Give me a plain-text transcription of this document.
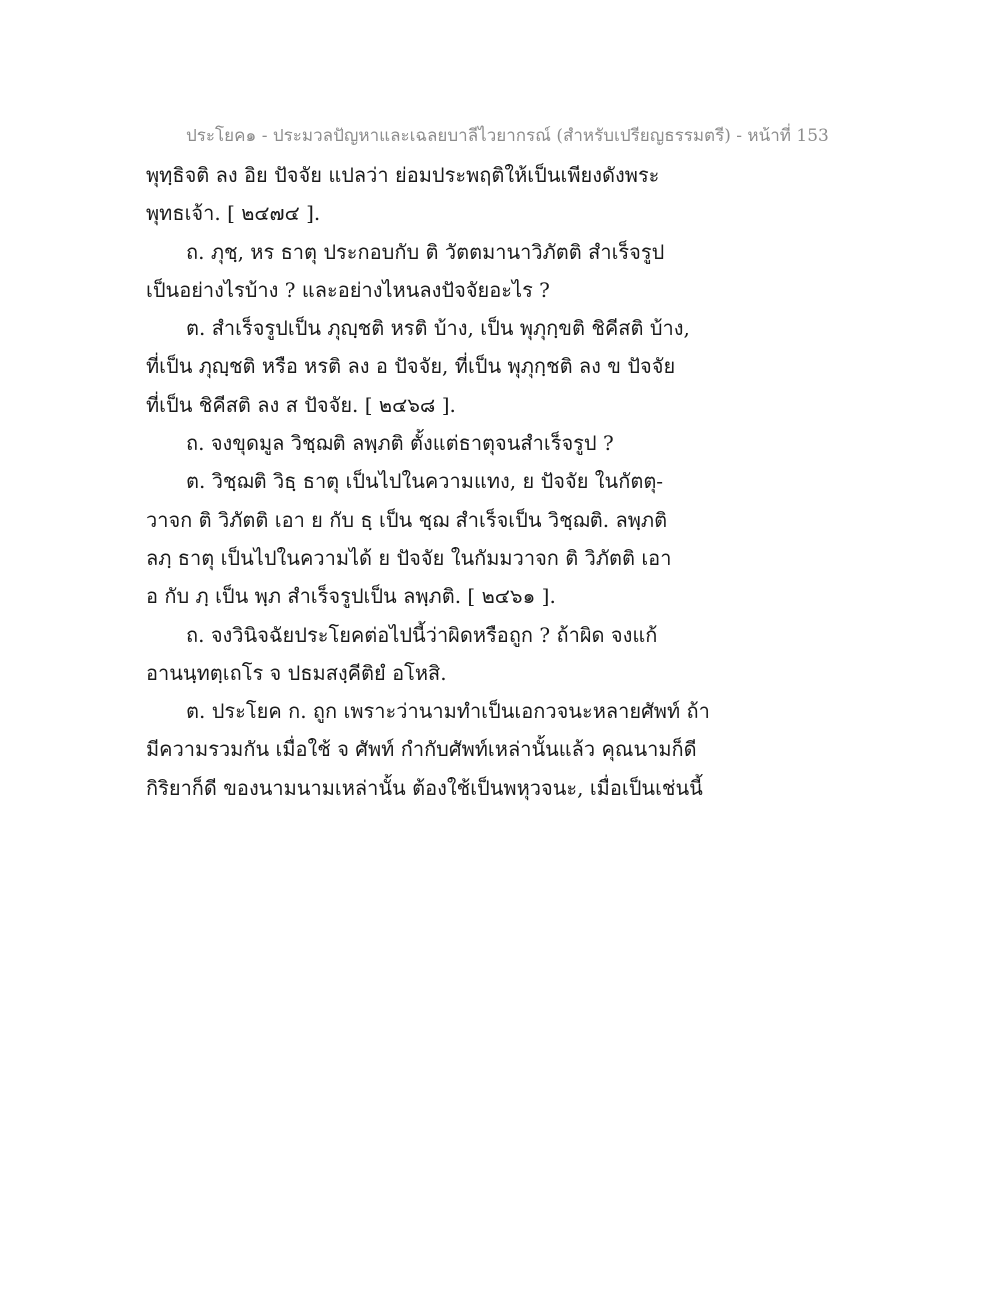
ประโยค๑ - ประมวลปัญหาและเฉลยบาลีไวยากรณ์ (สำหรับเปรียญธรรมตรี) - หน้าที่ 153
พุทฺธิจติ ลง อิย ปัจจัย แปลว่า ย่อมประพฤติให้เป็นเพียงดังพระ
พุทธเจ้า. [ ๒๔๗๔ ].
ถ. ภุชฺ, หร ธาตุ ประกอบกับ ติ วัตตมานาวิภัตติ สำเร็จรูป
เป็นอย่างไรบ้าง ? และอย่างไหนลงปัจจัยอะไร ?
ต. สำเร็จรูปเป็น ภุญฺชติ หรติ บ้าง, เป็น พุภุกฺขติ ชิคีสติ บ้าง,
ที่เป็น ภุญฺชติ หรือ หรติ ลง อ ปัจจัย, ที่เป็น พุภุกฺชติ ลง ข ปัจจัย
ที่เป็น ชิคีสติ ลง ส ปัจจัย. [ ๒๔๖๘ ].
ถ. จงขุดมูล วิชฺฌติ ลพฺภติ ตั้งแต่ธาตุจนสำเร็จรูป ?
ต. วิชฺฌติ วิธฺ ธาตุ เป็นไปในความแทง, ย ปัจจัย ในกัตตุ-
วาจก ติ วิภัตติ เอา ย กับ ธฺ เป็น ชฺฌ สำเร็จเป็น วิชฺฌติ. ลพฺภติ
ลภฺ ธาตุ เป็นไปในความได้ ย ปัจจัย ในกัมมวาจก ติ วิภัตติ เอา
อ กับ ภฺ เป็น พฺภ สำเร็จรูปเป็น ลพฺภติ. [ ๒๔๖๑ ].
ถ. จงวินิจฉัยประโยคต่อไปนี้ว่าผิดหรือถูก ? ถ้าผิด จงแก้
อานนฺทตฺเถโร จ ปธมสงฺคีติยํ อโหสิ.
ต. ประโยค ก. ถูก เพราะว่านามทำเป็นเอกวจนะหลายศัพท์ ถ้า
มีความรวมกัน เมื่อใช้ จ ศัพท์ กำกับศัพท์เหล่านั้นแล้ว คุณนามก็ดี
กิริยาก็ดี ของนามนามเหล่านั้น ต้องใช้เป็นพหุวจนะ, เมื่อเป็นเช่นนี้
